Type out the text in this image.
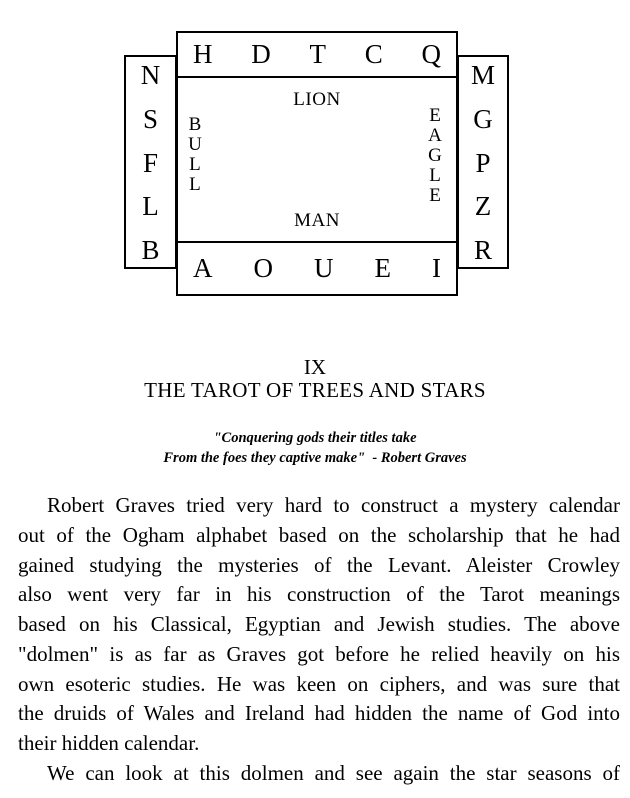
N
S
F
L
B
M
G
P
Z
R
H D T C Q
LION
BULL
EAGLE
MAN
A O U E I
IX
THE TAROT OF TREES AND STARS
"Conquering gods their titles take
From the foes they captive make"  - Robert Graves
Robert Graves tried very hard to construct a mystery calendar
out of the Ogham alphabet based on the scholarship that he had
gained studying the mysteries of the Levant. Aleister Crowley
also went very far in his construction of the Tarot meanings
based on his Classical, Egyptian and Jewish studies. The above
"dolmen" is as far as Graves got before he relied heavily on his
own esoteric studies. He was keen on ciphers, and was sure that
the druids of Wales and Ireland had hidden the name of God into
their hidden calendar.
We can look at this dolmen and see again the star seasons of
